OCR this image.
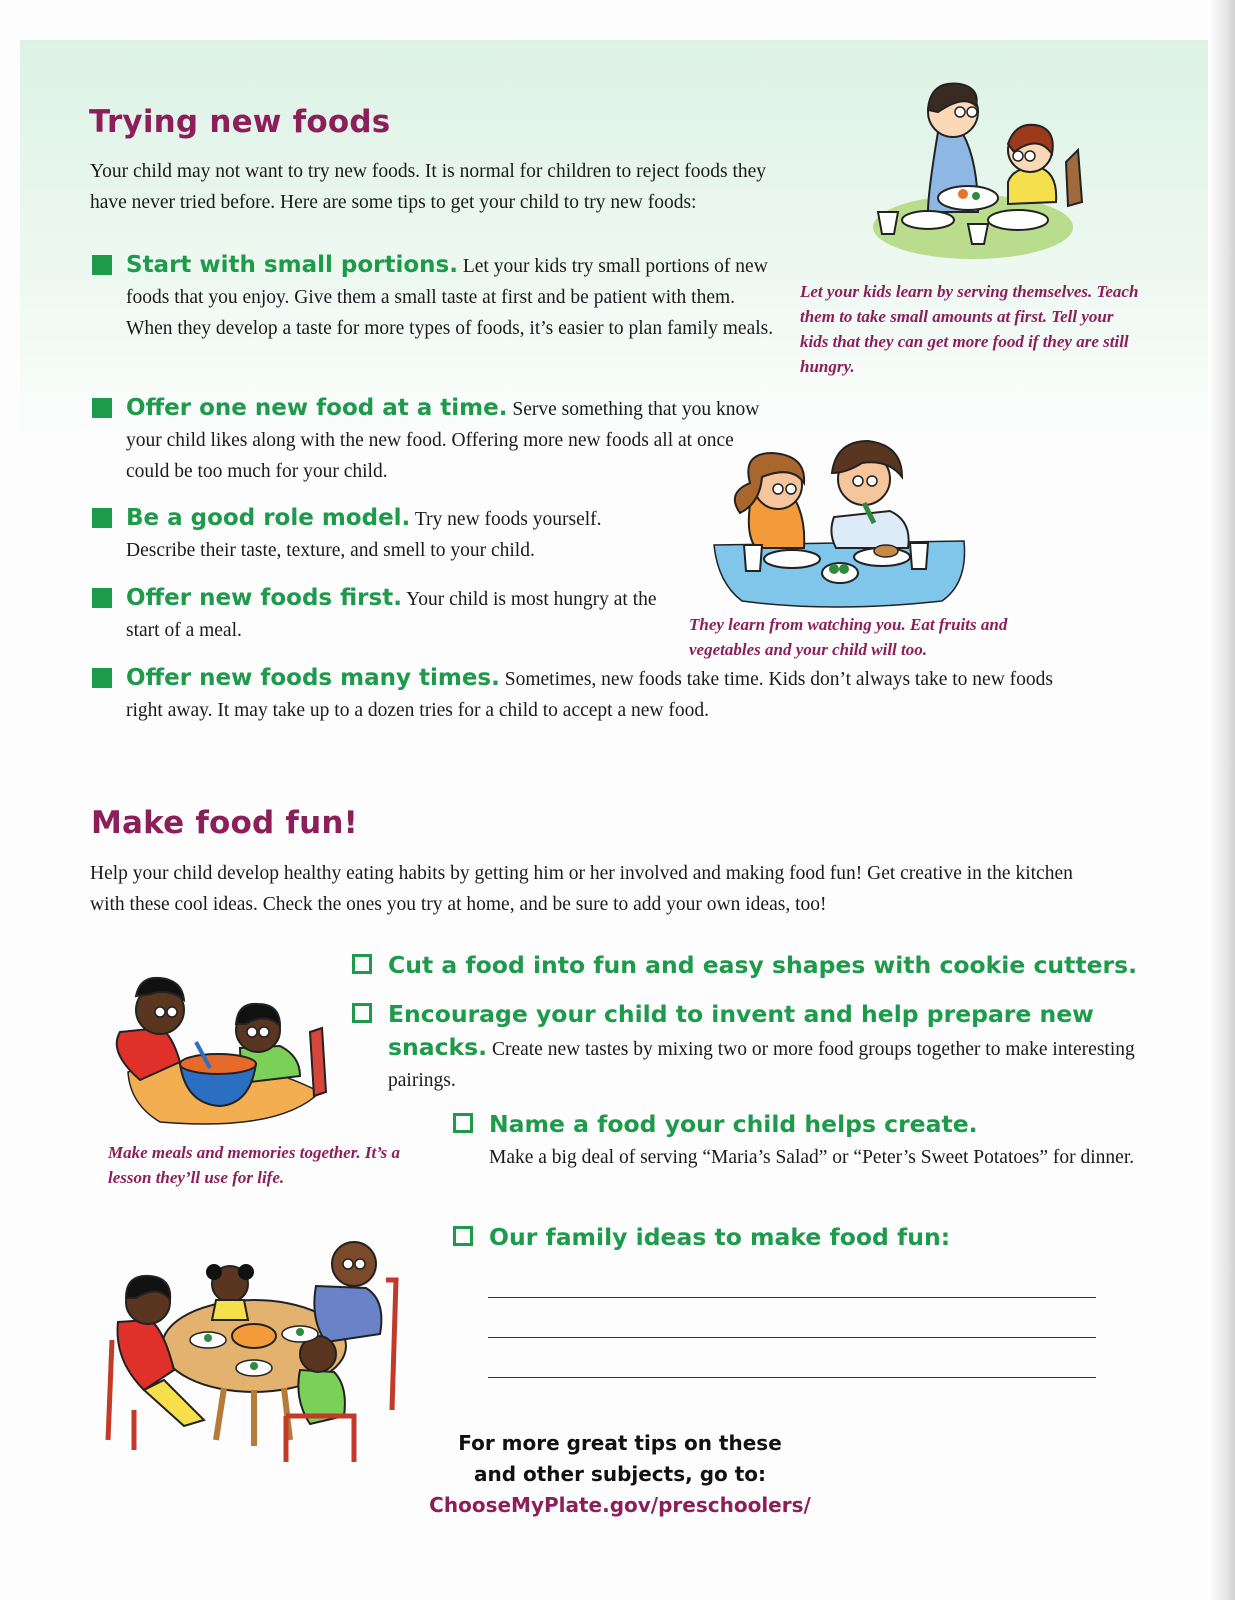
Trying new foods

Your child may not want to try new foods. It is normal for children to reject foods they have never tried before. Here are some tips to get your child to try new foods:

Start with small portions. Let your kids try small portions of new foods that you enjoy. Give them a small taste at first and be patient with them. When they develop a taste for more types of foods, it’s easier to plan family meals.
Offer one new food at a time. Serve something that you know your child likes along with the new food. Offering more new foods all at once could be too much for your child.
Be a good role model. Try new foods yourself. Describe their taste, texture, and smell to your child.
Offer new foods first. Your child is most hungry at the start of a meal.
Offer new foods many times. Sometimes, new foods take time. Kids don’t always take to new foods right away. It may take up to a dozen tries for a child to accept a new food.
Let your kids learn by serving themselves. Teach them to take small amounts at first. Tell your kids that they can get more food if they are still hungry.
They learn from watching you. Eat fruits and vegetables and your child will too.
Make food fun!

Help your child develop healthy eating habits by getting him or her involved and making food fun! Get creative in the kitchen with these cool ideas. Check the ones you try at home, and be sure to add your own ideas, too!

Cut a food into fun and easy shapes with cookie cutters.
Encourage your child to invent and help prepare new snacks. Create new tastes by mixing two or more food groups together to make interesting pairings.
Name a food your child helps create.
Make a big deal of serving “Maria’s Salad” or “Peter’s Sweet Potatoes” for dinner.
Our family ideas to make food fun:
Make meals and memories together. It’s a lesson they’ll use for life.
For more great tips on these
and other subjects, go to:
ChooseMyPlate.gov/preschoolers/
